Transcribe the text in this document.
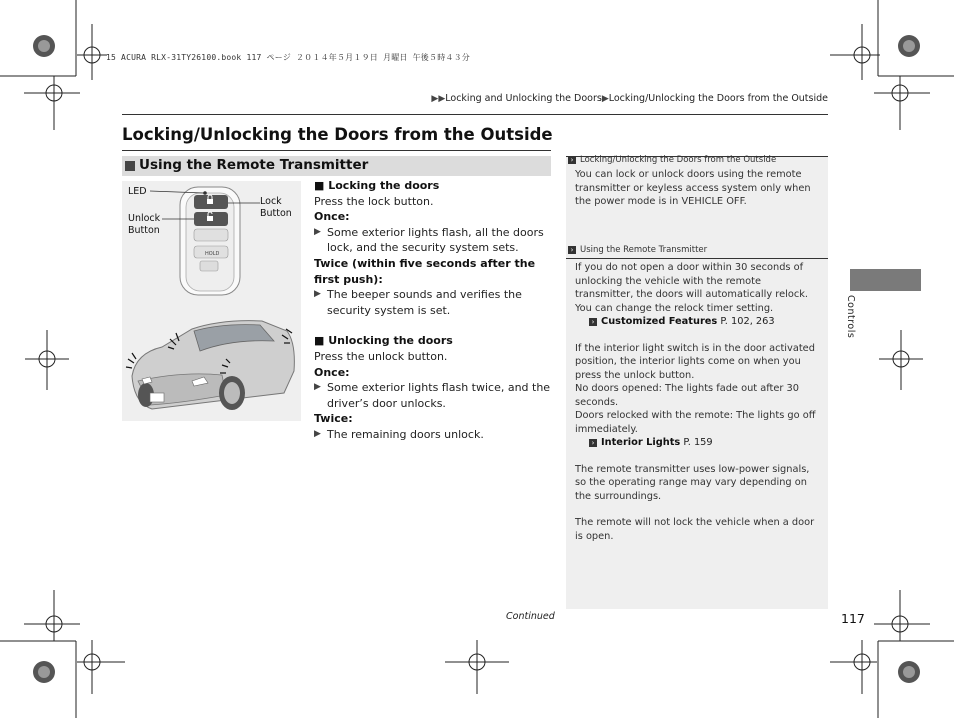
15 ACURA RLX-31TY26100.book 117 ページ ２０１４年５月１９日 月曜日 午後５時４３分
▶▶Locking and Unlocking the Doors▶Locking/Unlocking the Doors from the Outside
Locking/Unlocking the Doors from the Outside
Using the Remote Transmitter
HOLD
LED
Unlock
Button
Lock
Button
■ Locking the doors
Press the lock button.
Once:
▶ Some exterior lights flash, all the doors lock, and the security system sets.
Twice (within five seconds after the first push):
▶ The beeper sounds and verifies the security system is set.
■ Unlocking the doors
Press the unlock button.
Once:
▶ Some exterior lights flash twice, and the driver’s door unlocks.
Twice:
▶ The remaining doors unlock.
› Locking/Unlocking the Doors from the Outside
You can lock or unlock doors using the remote transmitter or keyless access system only when the power mode is in VEHICLE OFF.
› Using the Remote Transmitter
If you do not open a door within 30 seconds of unlocking the vehicle with the remote transmitter, the doors will automatically relock.
You can change the relock timer setting.
› Customized Features P. 102, 263
If the interior light switch is in the door activated position, the interior lights come on when you press the unlock button.
No doors opened: The lights fade out after 30 seconds.
Doors relocked with the remote: The lights go off immediately.
› Interior Lights P. 159
The remote transmitter uses low-power signals, so the operating range may vary depending on the surroundings.
The remote will not lock the vehicle when a door is open.
Controls
Continued	117
